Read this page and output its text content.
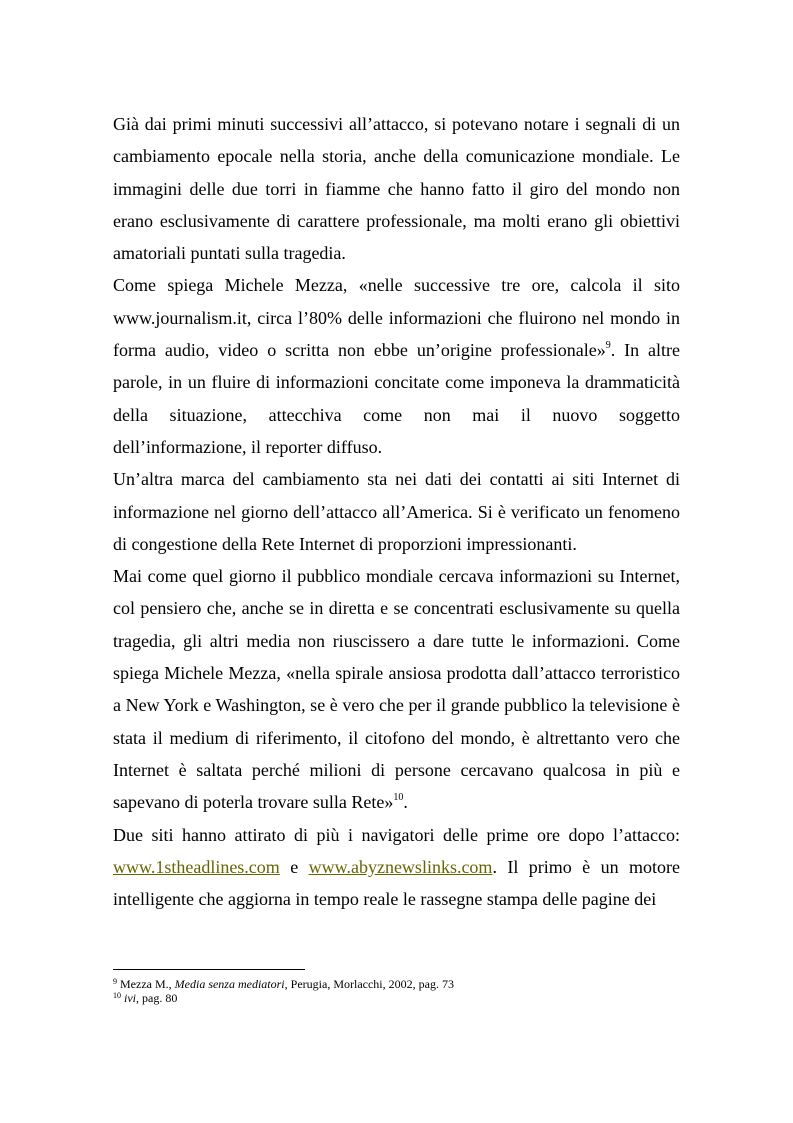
Già dai primi minuti successivi all’attacco, si potevano notare i segnali di un cambiamento epocale nella storia, anche della comunicazione mondiale. Le immagini delle due torri in fiamme che hanno fatto il giro del mondo non erano esclusivamente di carattere professionale, ma molti erano gli obiettivi amatoriali puntati sulla tragedia.

Come spiega Michele Mezza, «nelle successive tre ore, calcola il sito www.journalism.it, circa l’80% delle informazioni che fluirono nel mondo in forma audio, video o scritta non ebbe un’origine professionale»$^9$. In altre parole, in un fluire di informazioni concitate come imponeva la drammaticità della situazione, attecchiva come non mai il nuovo soggetto dell’informazione, il reporter diffuso.

Un’altra marca del cambiamento sta nei dati dei contatti ai siti Internet di informazione nel giorno dell’attacco all’America. Si è verificato un fenomeno di congestione della Rete Internet di proporzioni impressionanti.

Mai come quel giorno il pubblico mondiale cercava informazioni su Internet, col pensiero che, anche se in diretta e se concentrati esclusivamente su quella tragedia, gli altri media non riuscissero a dare tutte le informazioni. Come spiega Michele Mezza, «nella spirale ansiosa prodotta dall’attacco terroristico a New York e Washington, se è vero che per il grande pubblico la televisione è stata il medium di riferimento, il citofono del mondo, è altrettanto vero che Internet è saltata perché milioni di persone cercavano qualcosa in più e sapevano di poterla trovare sulla Rete»$^{10}$.

Due siti hanno attirato di più i navigatori delle prime ore dopo l’attacco: www.1stheadlines.com e www.abyznewslinks.com. Il primo è un motore intelligente che aggiorna in tempo reale le rassegne stampa delle pagine dei

$^9$ Mezza M., Media senza mediatori, Perugia, Morlacchi, 2002, pag. 73

$^{10}$ ivi, pag. 80
